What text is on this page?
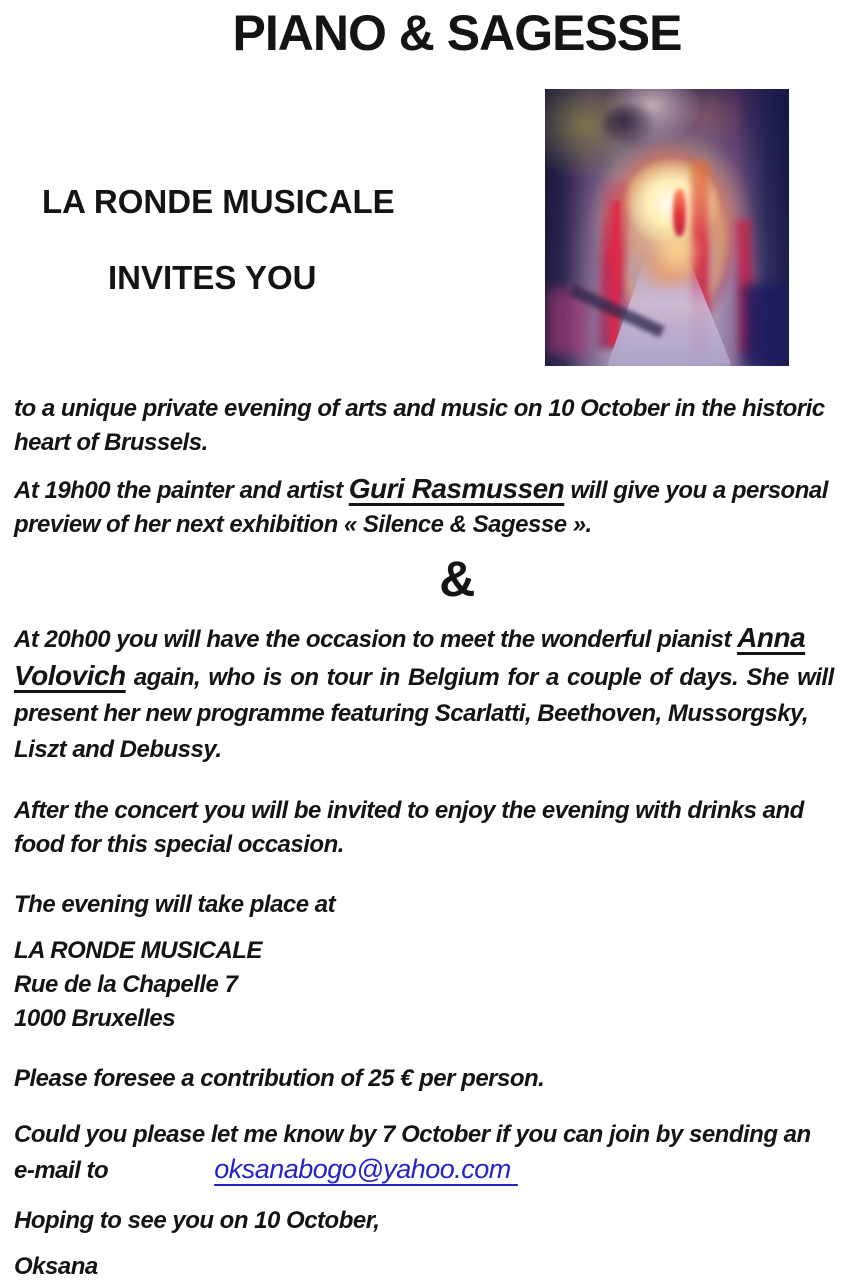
PIANO & SAGESSE
LA RONDE MUSICALE
INVITES YOU
to a unique private evening of arts and music on 10 October in the historic
heart of Brussels.
At 19h00 the painter and artist Guri Rasmussen will give you a personal
preview of her next exhibition « Silence & Sagesse ».
&
At 20h00 you will have the occasion to meet the wonderful pianist Anna
Volovich again, who is on tour in Belgium for a couple of days. She will
present her new programme featuring Scarlatti, Beethoven, Mussorgsky,
Liszt and Debussy.
After the concert you will be invited to enjoy the evening with drinks and
food for this special occasion.
The evening will take place at
LA RONDE MUSICALE
Rue de la Chapelle 7
1000 Bruxelles
Please foresee a contribution of 25 € per person.
Could you please let me know by 7 October if you can join by sending an
e-mail to	oksanabogo@yahoo.com
Hoping to see you on 10 October,
Oksana
